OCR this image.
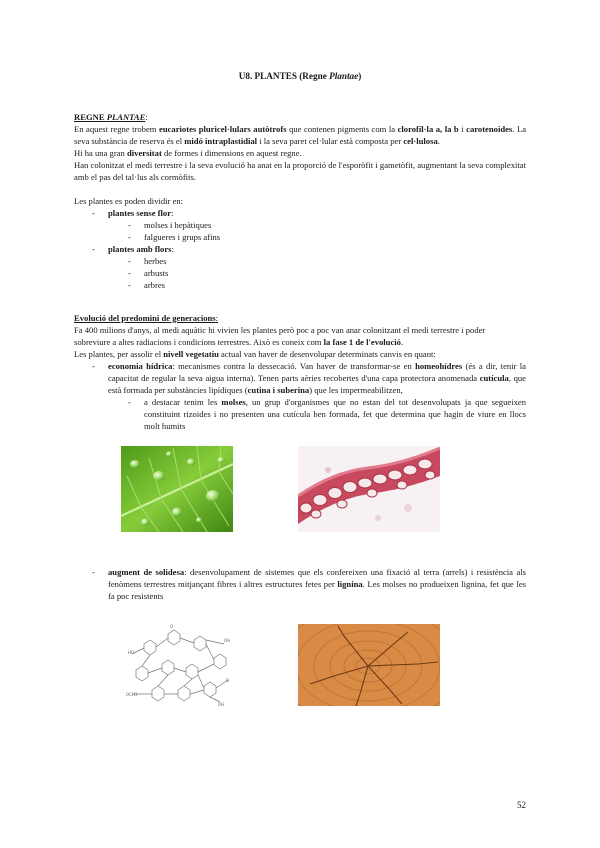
U8. PLANTES (Regne Plantae)
REGNE PLANTAE:
En aquest regne trobem eucariotes pluricel·lulars autòtrofs que contenen pigments com la clorofil·la a, la b i carotenoides. La seva substància de reserva és el midó intraplastidial i la seva paret cel·lular està composta per cel·lulosa.
Hi ha una gran diversitat de formes i dimensions en aquest regne.
Han colonitzat el medi terrestre i la seva evolució ha anat en la proporció de l'esporòfit i gametòfit, augmentant la seva complexitat amb el pas del tal·lus als cormòfits.
Les plantes es poden dividir en:
- plantes sense flor:
- molses i hepàtiques
- falgueres i grups afins
- plantes amb flors:
- herbes
- arbusts
- arbres
Evolució del predomini de generacions:
Fa 400 milions d'anys, al medi aquàtic hi vivien les plantes però poc a poc van anar colonitzant el medi terrestre i poder
sobreviure a altes radiacions i condicions terrestres. Això es coneix com la fase 1 de l'evolució.
Les plantes, per assolir el nivell vegetatiu actual van haver de desenvolupar determinats canvis en quant:
- economia hídrica: mecanismes contra la dessecació. Van haver de transformar-se en homeohídres (és a dir, tenir la capacitat de regular la seva aigua interna). Tenen parts aèries recobertes d'una capa protectora anomenada cutícula, que està formada per substàncies lipídiques (cutina i suberina) que les impermeabilitzen,
- a destacar tenim les molses, un grup d'organismes que no estan del tot desenvolupats ja que segueixen constituint rizoides i no presenten una cutícula ben formada, fet que determina que hagin de viure en llocs molt humits
- augment de solidesa: desenvolupament de sistemes que els confereixen una fixació al terra (arrels) i resistència als fenòmens terrestres mitjançant fibres i altres estructures fetes per lignina. Les molses no produeixen lignina, fet que les fa poc resistents
HO
OH
O
OCH3
OH
O
52
